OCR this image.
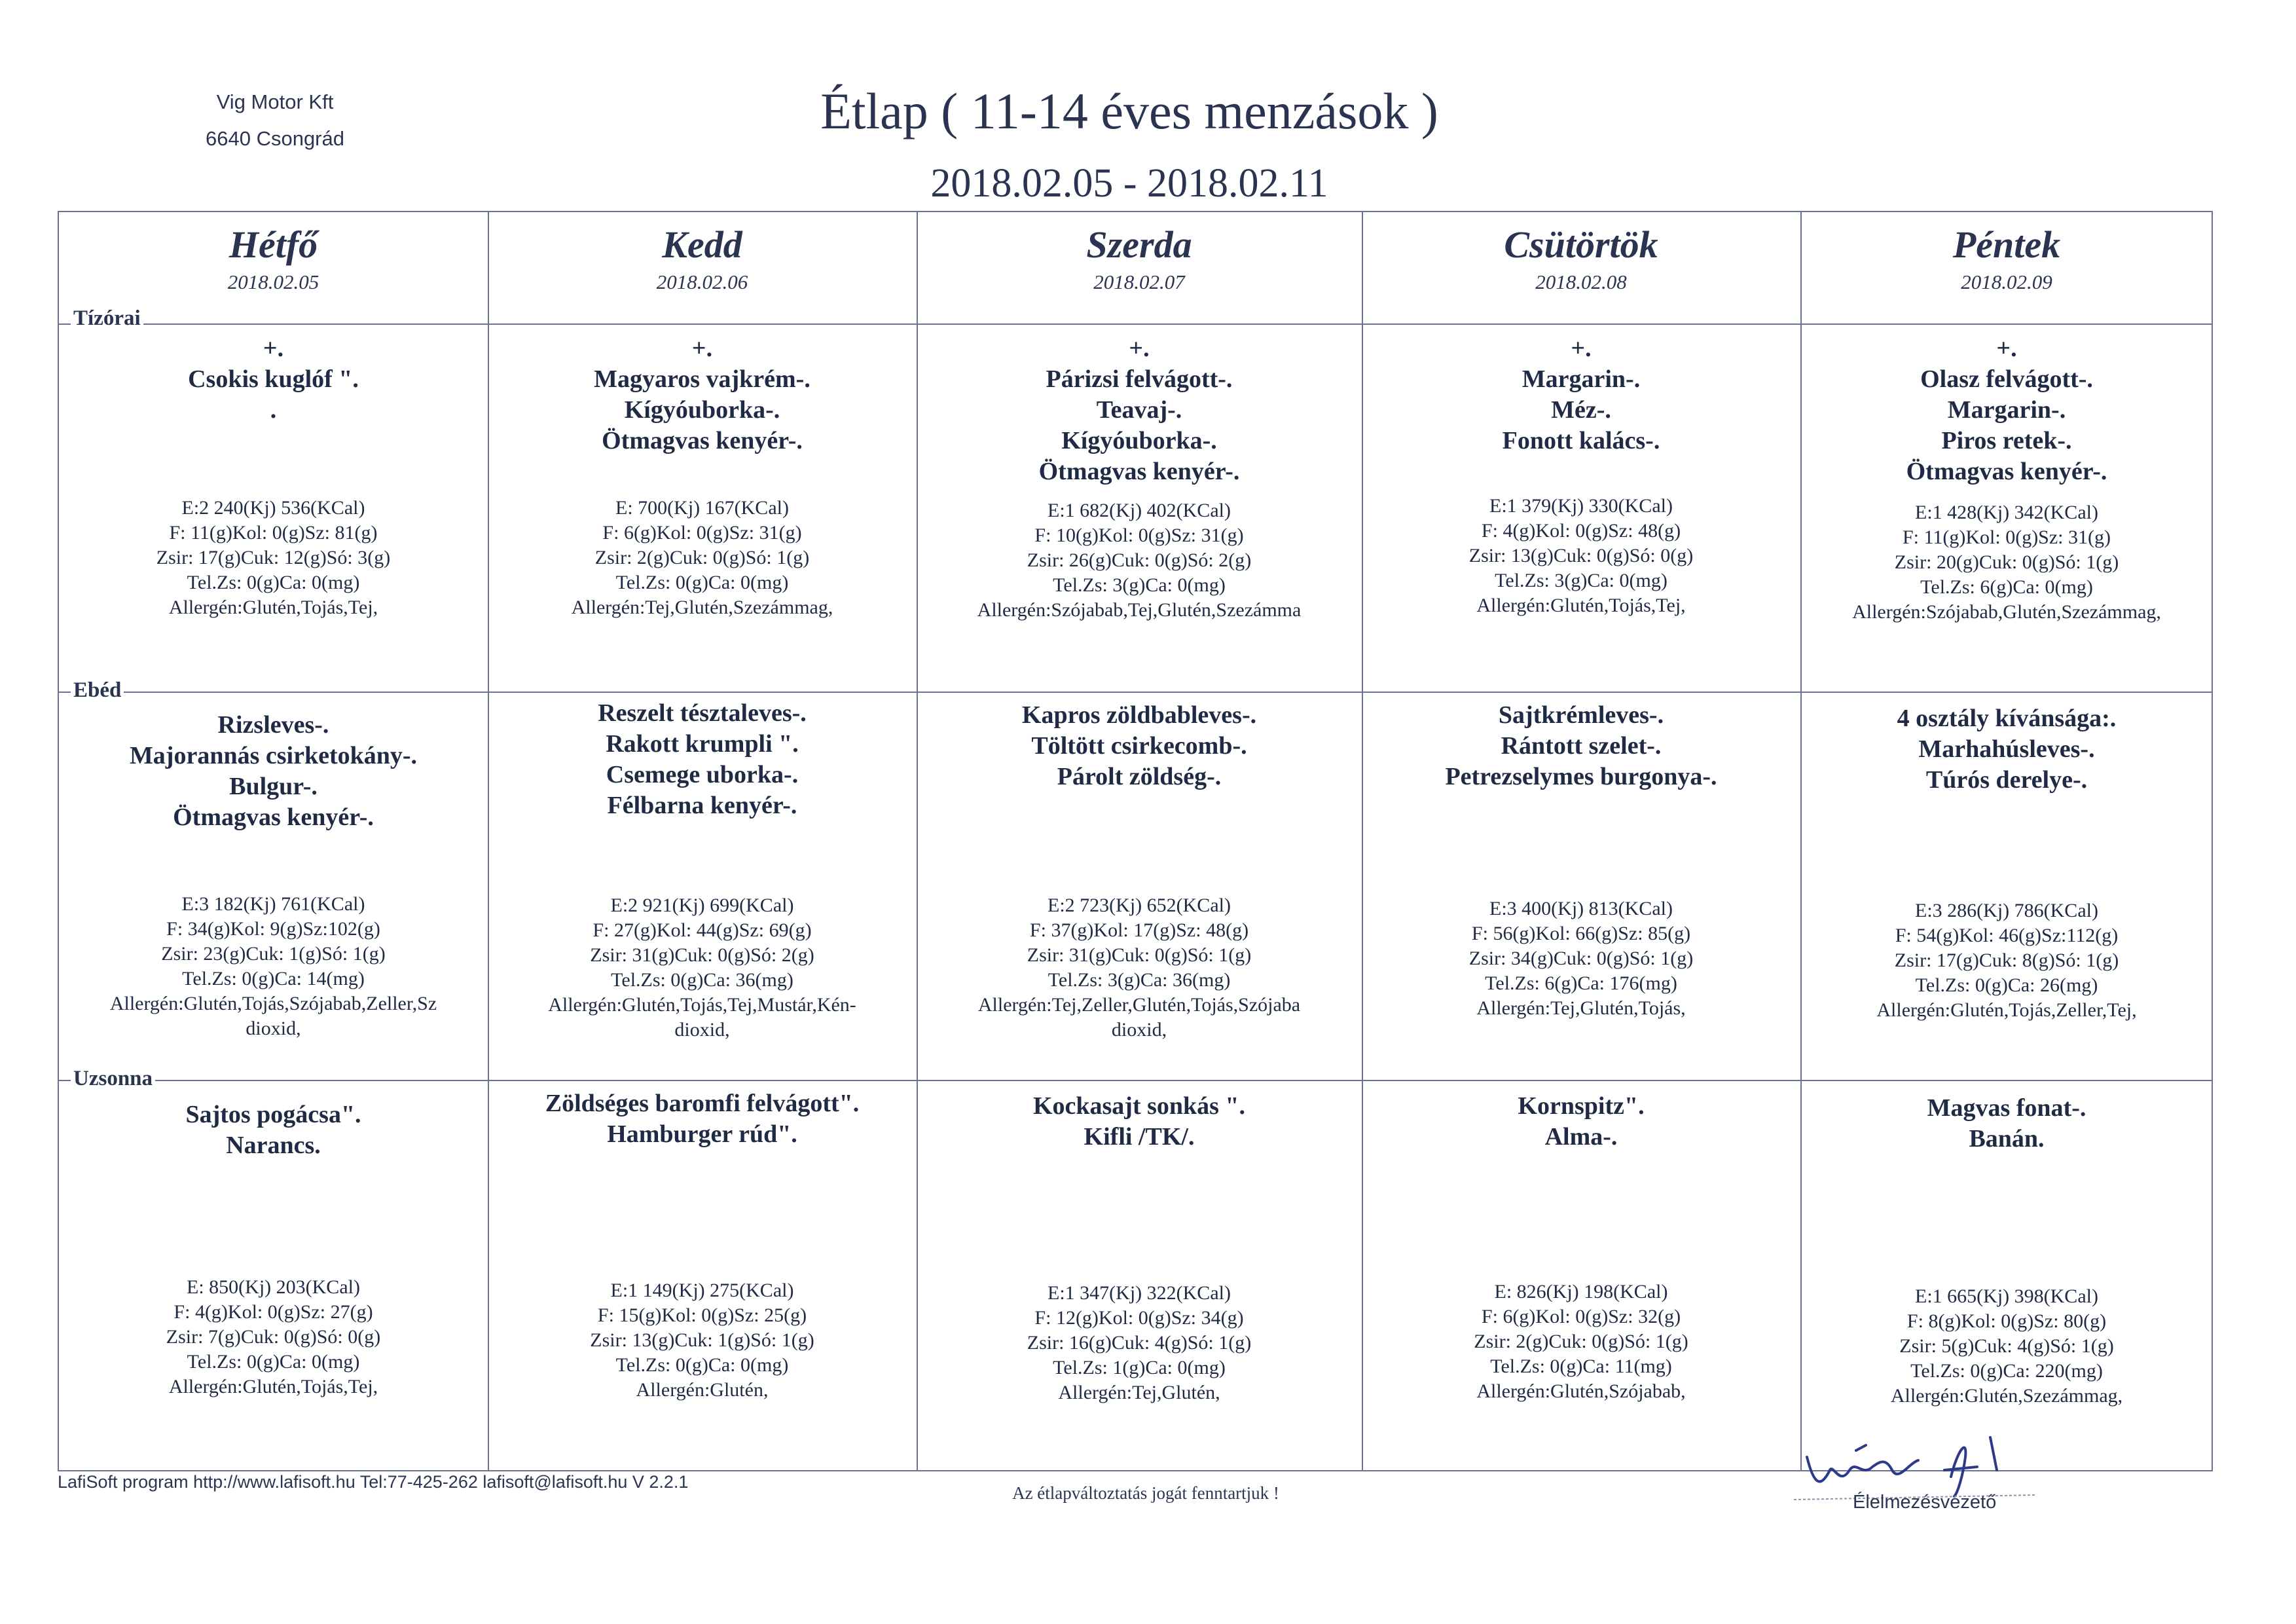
Vig Motor Kft
6640 Csongrád	Étlap ( 11-14 éves menzások )
2018.02.05 - 2018.02.11
Hétfő
2018.02.05
Kedd
2018.02.06
Szerda
2018.02.07
Csütörtök
2018.02.08
Péntek
2018.02.09
Tízórai
Ebéd
Uzsonna
+.
Csokis kuglóf ".
.
E:2 240(Kj) 536(KCal)
F: 11(g)Kol: 0(g)Sz: 81(g)
Zsir: 17(g)Cuk: 12(g)Só: 3(g)
Tel.Zs: 0(g)Ca: 0(mg)
Allergén:Glutén,Tojás,Tej,
+.
Magyaros vajkrém-.
Kígyóuborka-.
Ötmagvas kenyér-.
E: 700(Kj) 167(KCal)
F: 6(g)Kol: 0(g)Sz: 31(g)
Zsir: 2(g)Cuk: 0(g)Só: 1(g)
Tel.Zs: 0(g)Ca: 0(mg)
Allergén:Tej,Glutén,Szezámmag,
+.
Párizsi felvágott-.
Teavaj-.
Kígyóuborka-.
Ötmagvas kenyér-.
E:1 682(Kj) 402(KCal)
F: 10(g)Kol: 0(g)Sz: 31(g)
Zsir: 26(g)Cuk: 0(g)Só: 2(g)
Tel.Zs: 3(g)Ca: 0(mg)
Allergén:Szójabab,Tej,Glutén,Szezámma
+.
Margarin-.
Méz-.
Fonott kalács-.
E:1 379(Kj) 330(KCal)
F: 4(g)Kol: 0(g)Sz: 48(g)
Zsir: 13(g)Cuk: 0(g)Só: 0(g)
Tel.Zs: 3(g)Ca: 0(mg)
Allergén:Glutén,Tojás,Tej,
+.
Olasz felvágott-.
Margarin-.
Piros retek-.
Ötmagvas kenyér-.
E:1 428(Kj) 342(KCal)
F: 11(g)Kol: 0(g)Sz: 31(g)
Zsir: 20(g)Cuk: 0(g)Só: 1(g)
Tel.Zs: 6(g)Ca: 0(mg)
Allergén:Szójabab,Glutén,Szezámmag,
Rizsleves-.
Majorannás csirketokány-.
Bulgur-.
Ötmagvas kenyér-.
E:3 182(Kj) 761(KCal)
F: 34(g)Kol: 9(g)Sz:102(g)
Zsir: 23(g)Cuk: 1(g)Só: 1(g)
Tel.Zs: 0(g)Ca: 14(mg)
Allergén:Glutén,Tojás,Szójabab,Zeller,Sz
dioxid,
Reszelt tésztaleves-.
Rakott krumpli ".
Csemege uborka-.
Félbarna kenyér-.
E:2 921(Kj) 699(KCal)
F: 27(g)Kol: 44(g)Sz: 69(g)
Zsir: 31(g)Cuk: 0(g)Só: 2(g)
Tel.Zs: 0(g)Ca: 36(mg)
Allergén:Glutén,Tojás,Tej,Mustár,Kén-
dioxid,
Kapros zöldbableves-.
Töltött csirkecomb-.
Párolt zöldség-.
E:2 723(Kj) 652(KCal)
F: 37(g)Kol: 17(g)Sz: 48(g)
Zsir: 31(g)Cuk: 0(g)Só: 1(g)
Tel.Zs: 3(g)Ca: 36(mg)
Allergén:Tej,Zeller,Glutén,Tojás,Szójaba
dioxid,
Sajtkrémleves-.
Rántott szelet-.
Petrezselymes burgonya-.
E:3 400(Kj) 813(KCal)
F: 56(g)Kol: 66(g)Sz: 85(g)
Zsir: 34(g)Cuk: 0(g)Só: 1(g)
Tel.Zs: 6(g)Ca: 176(mg)
Allergén:Tej,Glutén,Tojás,
4 osztály kívánsága:.
Marhahúsleves-.
Túrós derelye-.
E:3 286(Kj) 786(KCal)
F: 54(g)Kol: 46(g)Sz:112(g)
Zsir: 17(g)Cuk: 8(g)Só: 1(g)
Tel.Zs: 0(g)Ca: 26(mg)
Allergén:Glutén,Tojás,Zeller,Tej,
Sajtos pogácsa".
Narancs.
E: 850(Kj) 203(KCal)
F: 4(g)Kol: 0(g)Sz: 27(g)
Zsir: 7(g)Cuk: 0(g)Só: 0(g)
Tel.Zs: 0(g)Ca: 0(mg)
Allergén:Glutén,Tojás,Tej,
Zöldséges baromfi felvágott".
Hamburger rúd".
E:1 149(Kj) 275(KCal)
F: 15(g)Kol: 0(g)Sz: 25(g)
Zsir: 13(g)Cuk: 1(g)Só: 1(g)
Tel.Zs: 0(g)Ca: 0(mg)
Allergén:Glutén,
Kockasajt sonkás ".
Kifli /TK/.
E:1 347(Kj) 322(KCal)
F: 12(g)Kol: 0(g)Sz: 34(g)
Zsir: 16(g)Cuk: 4(g)Só: 1(g)
Tel.Zs: 1(g)Ca: 0(mg)
Allergén:Tej,Glutén,
Kornspitz".
Alma-.
E: 826(Kj) 198(KCal)
F: 6(g)Kol: 0(g)Sz: 32(g)
Zsir: 2(g)Cuk: 0(g)Só: 1(g)
Tel.Zs: 0(g)Ca: 11(mg)
Allergén:Glutén,Szójabab,
Magvas fonat-.
Banán.
E:1 665(Kj) 398(KCal)
F: 8(g)Kol: 0(g)Sz: 80(g)
Zsir: 5(g)Cuk: 4(g)Só: 1(g)
Tel.Zs: 0(g)Ca: 220(mg)
Allergén:Glutén,Szezámmag,
LafiSoft program http://www.lafisoft.hu Tel:77-425-262 lafisoft@lafisoft.hu V 2.2.1
Az étlapváltoztatás jogát fenntartjuk !	Élelmezésvezető
